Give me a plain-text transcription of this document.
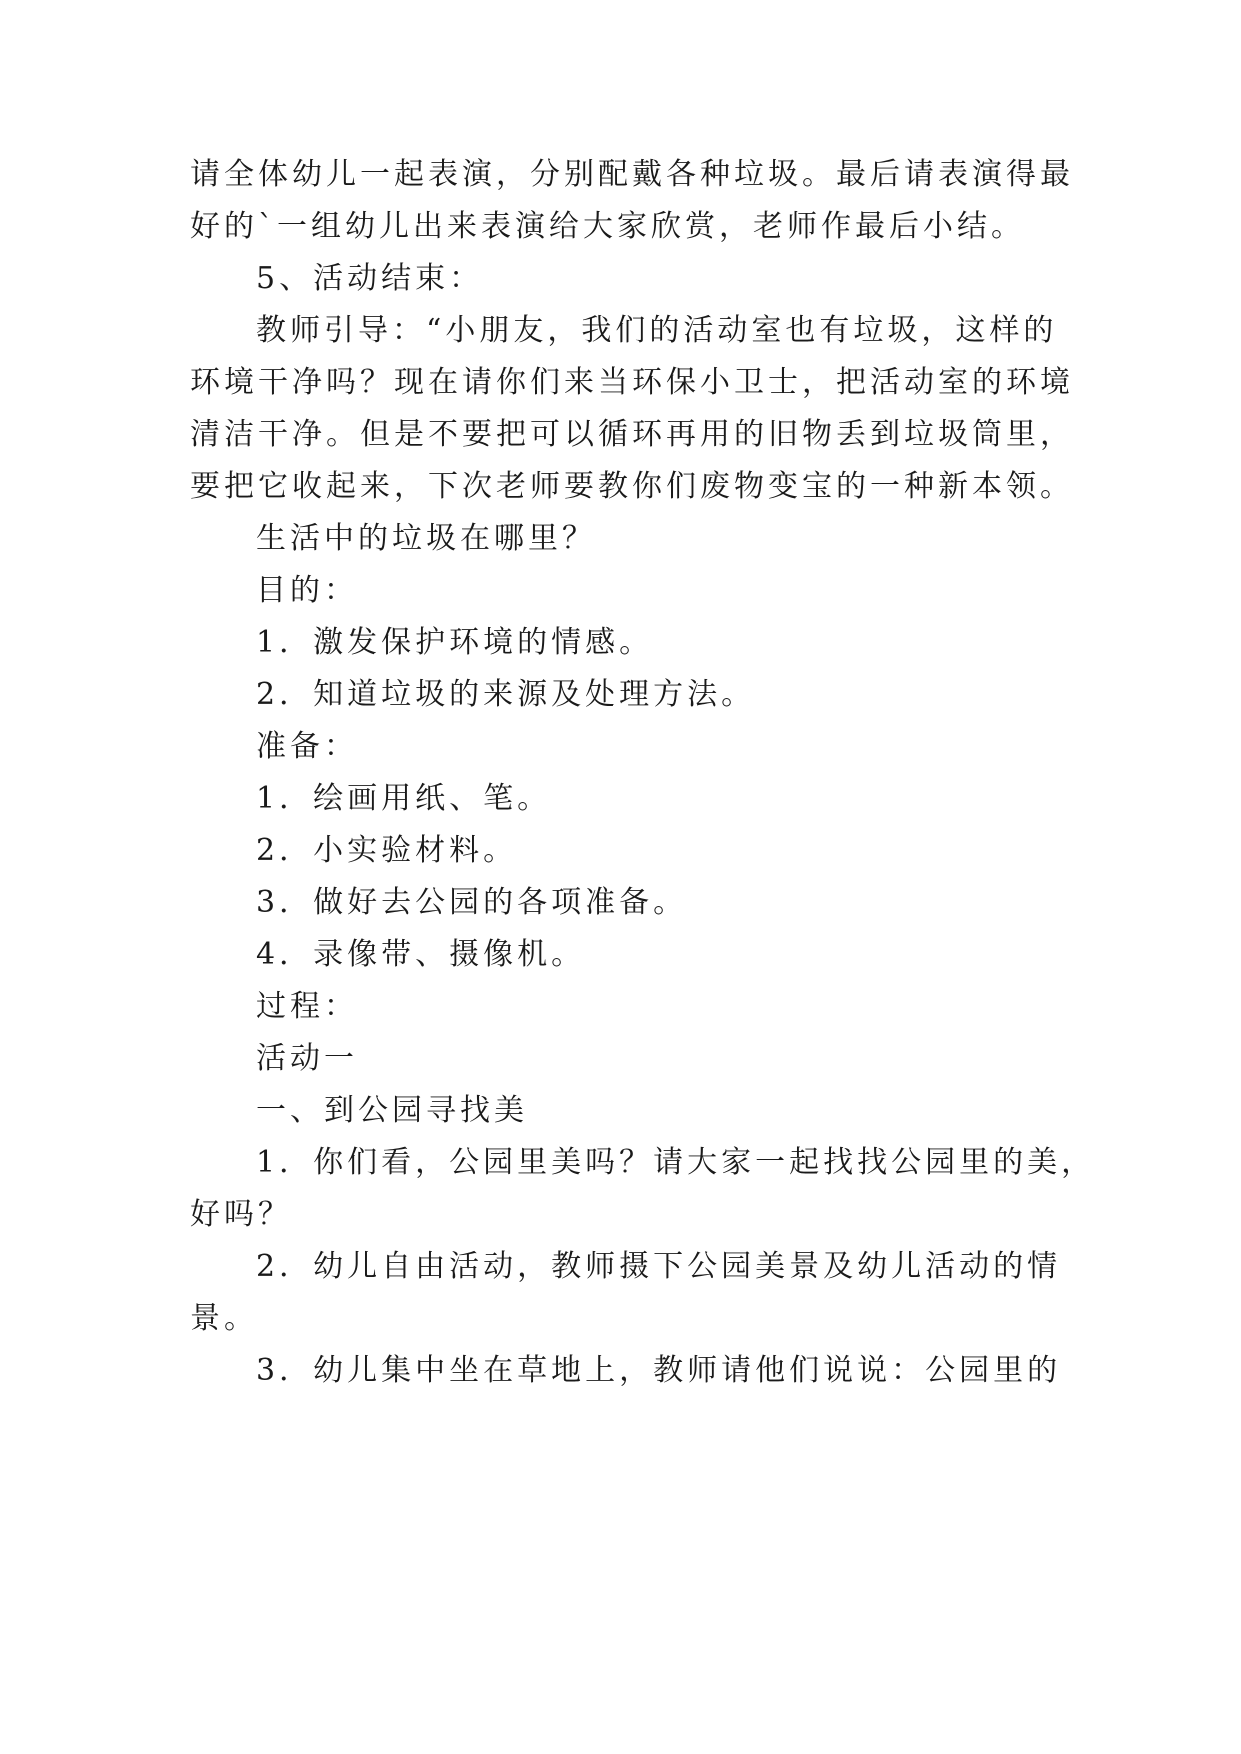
请全体幼儿一起表演，分别配戴各种垃圾。最后请表演得最
好的`一组幼儿出来表演给大家欣赏，老师作最后小结。
5、活动结束：
教师引导：“小朋友，我们的活动室也有垃圾，这样的
环境干净吗？现在请你们来当环保小卫士，把活动室的环境
清洁干净。但是不要把可以循环再用的旧物丢到垃圾筒里，
要把它收起来，下次老师要教你们废物变宝的一种新本领。
生活中的垃圾在哪里？
目的：
1．激发保护环境的情感。
2．知道垃圾的来源及处理方法。
准备：
1．绘画用纸、笔。
2．小实验材料。
3．做好去公园的各项准备。
4．录像带、摄像机。
过程：
活动一
一、到公园寻找美
1．你们看，公园里美吗？请大家一起找找公园里的美，
好吗？
2．幼儿自由活动，教师摄下公园美景及幼儿活动的情
景。
3．幼儿集中坐在草地上，教师请他们说说：公园里的
